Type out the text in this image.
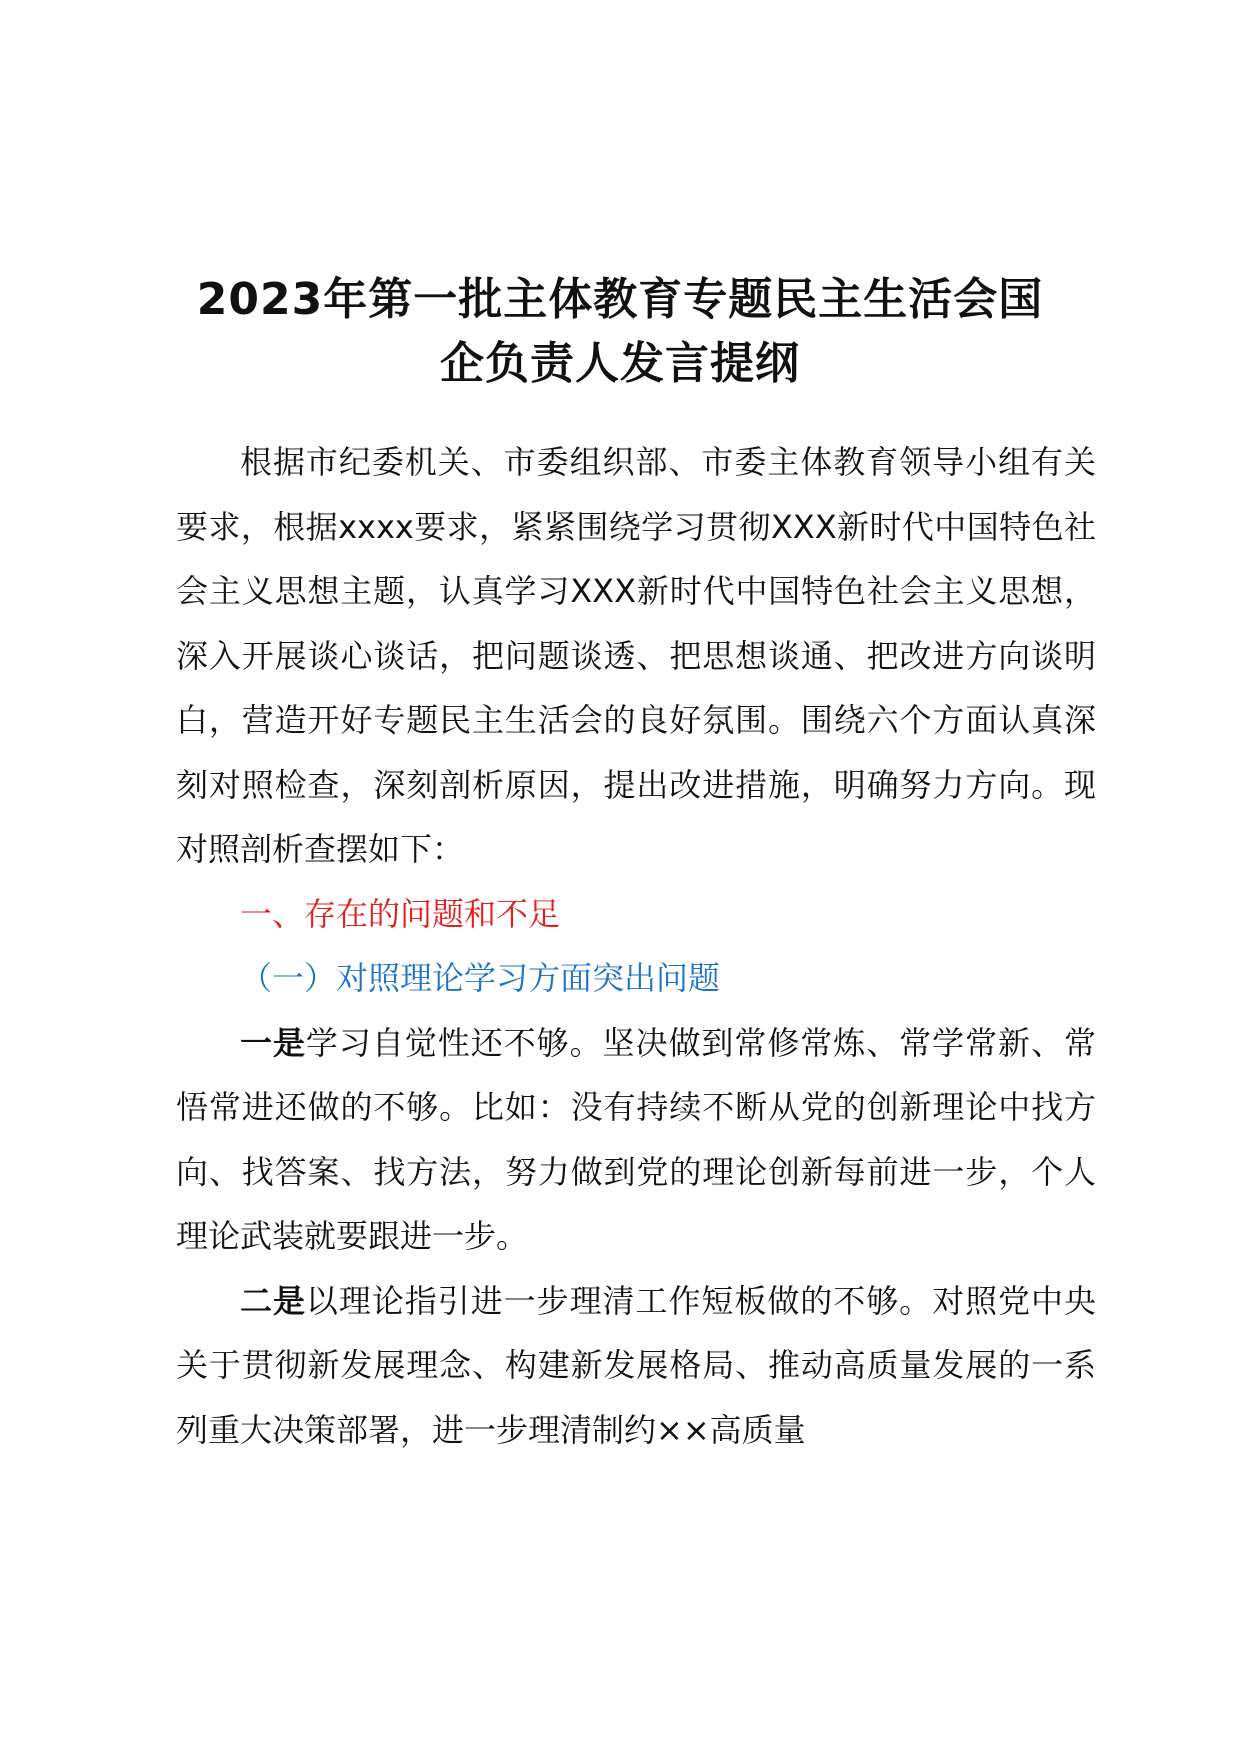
2023年第一批主体教育专题民主生活会国
企负责人发言提纲

根据市纪委机关、市委组织部、市委主体教育领导小组有关要求，根据xxxx要求，紧紧围绕学习贯彻XXX新时代中国特色社会主义思想主题，认真学习XXX新时代中国特色社会主义思想，深入开展谈心谈话，把问题谈透、把思想谈通、把改进方向谈明白，营造开好专题民主生活会的良好氛围。围绕六个方面认真深刻对照检查，深刻剖析原因，提出改进措施，明确努力方向。现对照剖析查摆如下：

一、存在的问题和不足

（一）对照理论学习方面突出问题

一是学习自觉性还不够。坚决做到常修常炼、常学常新、常悟常进还做的不够。比如：没有持续不断从党的创新理论中找方向、找答案、找方法，努力做到党的理论创新每前进一步，个人理论武装就要跟进一步。

二是以理论指引进一步理清工作短板做的不够。对照党中央关于贯彻新发展理念、构建新发展格局、推动高质量发展的一系列重大决策部署，进一步理清制约××高质量
